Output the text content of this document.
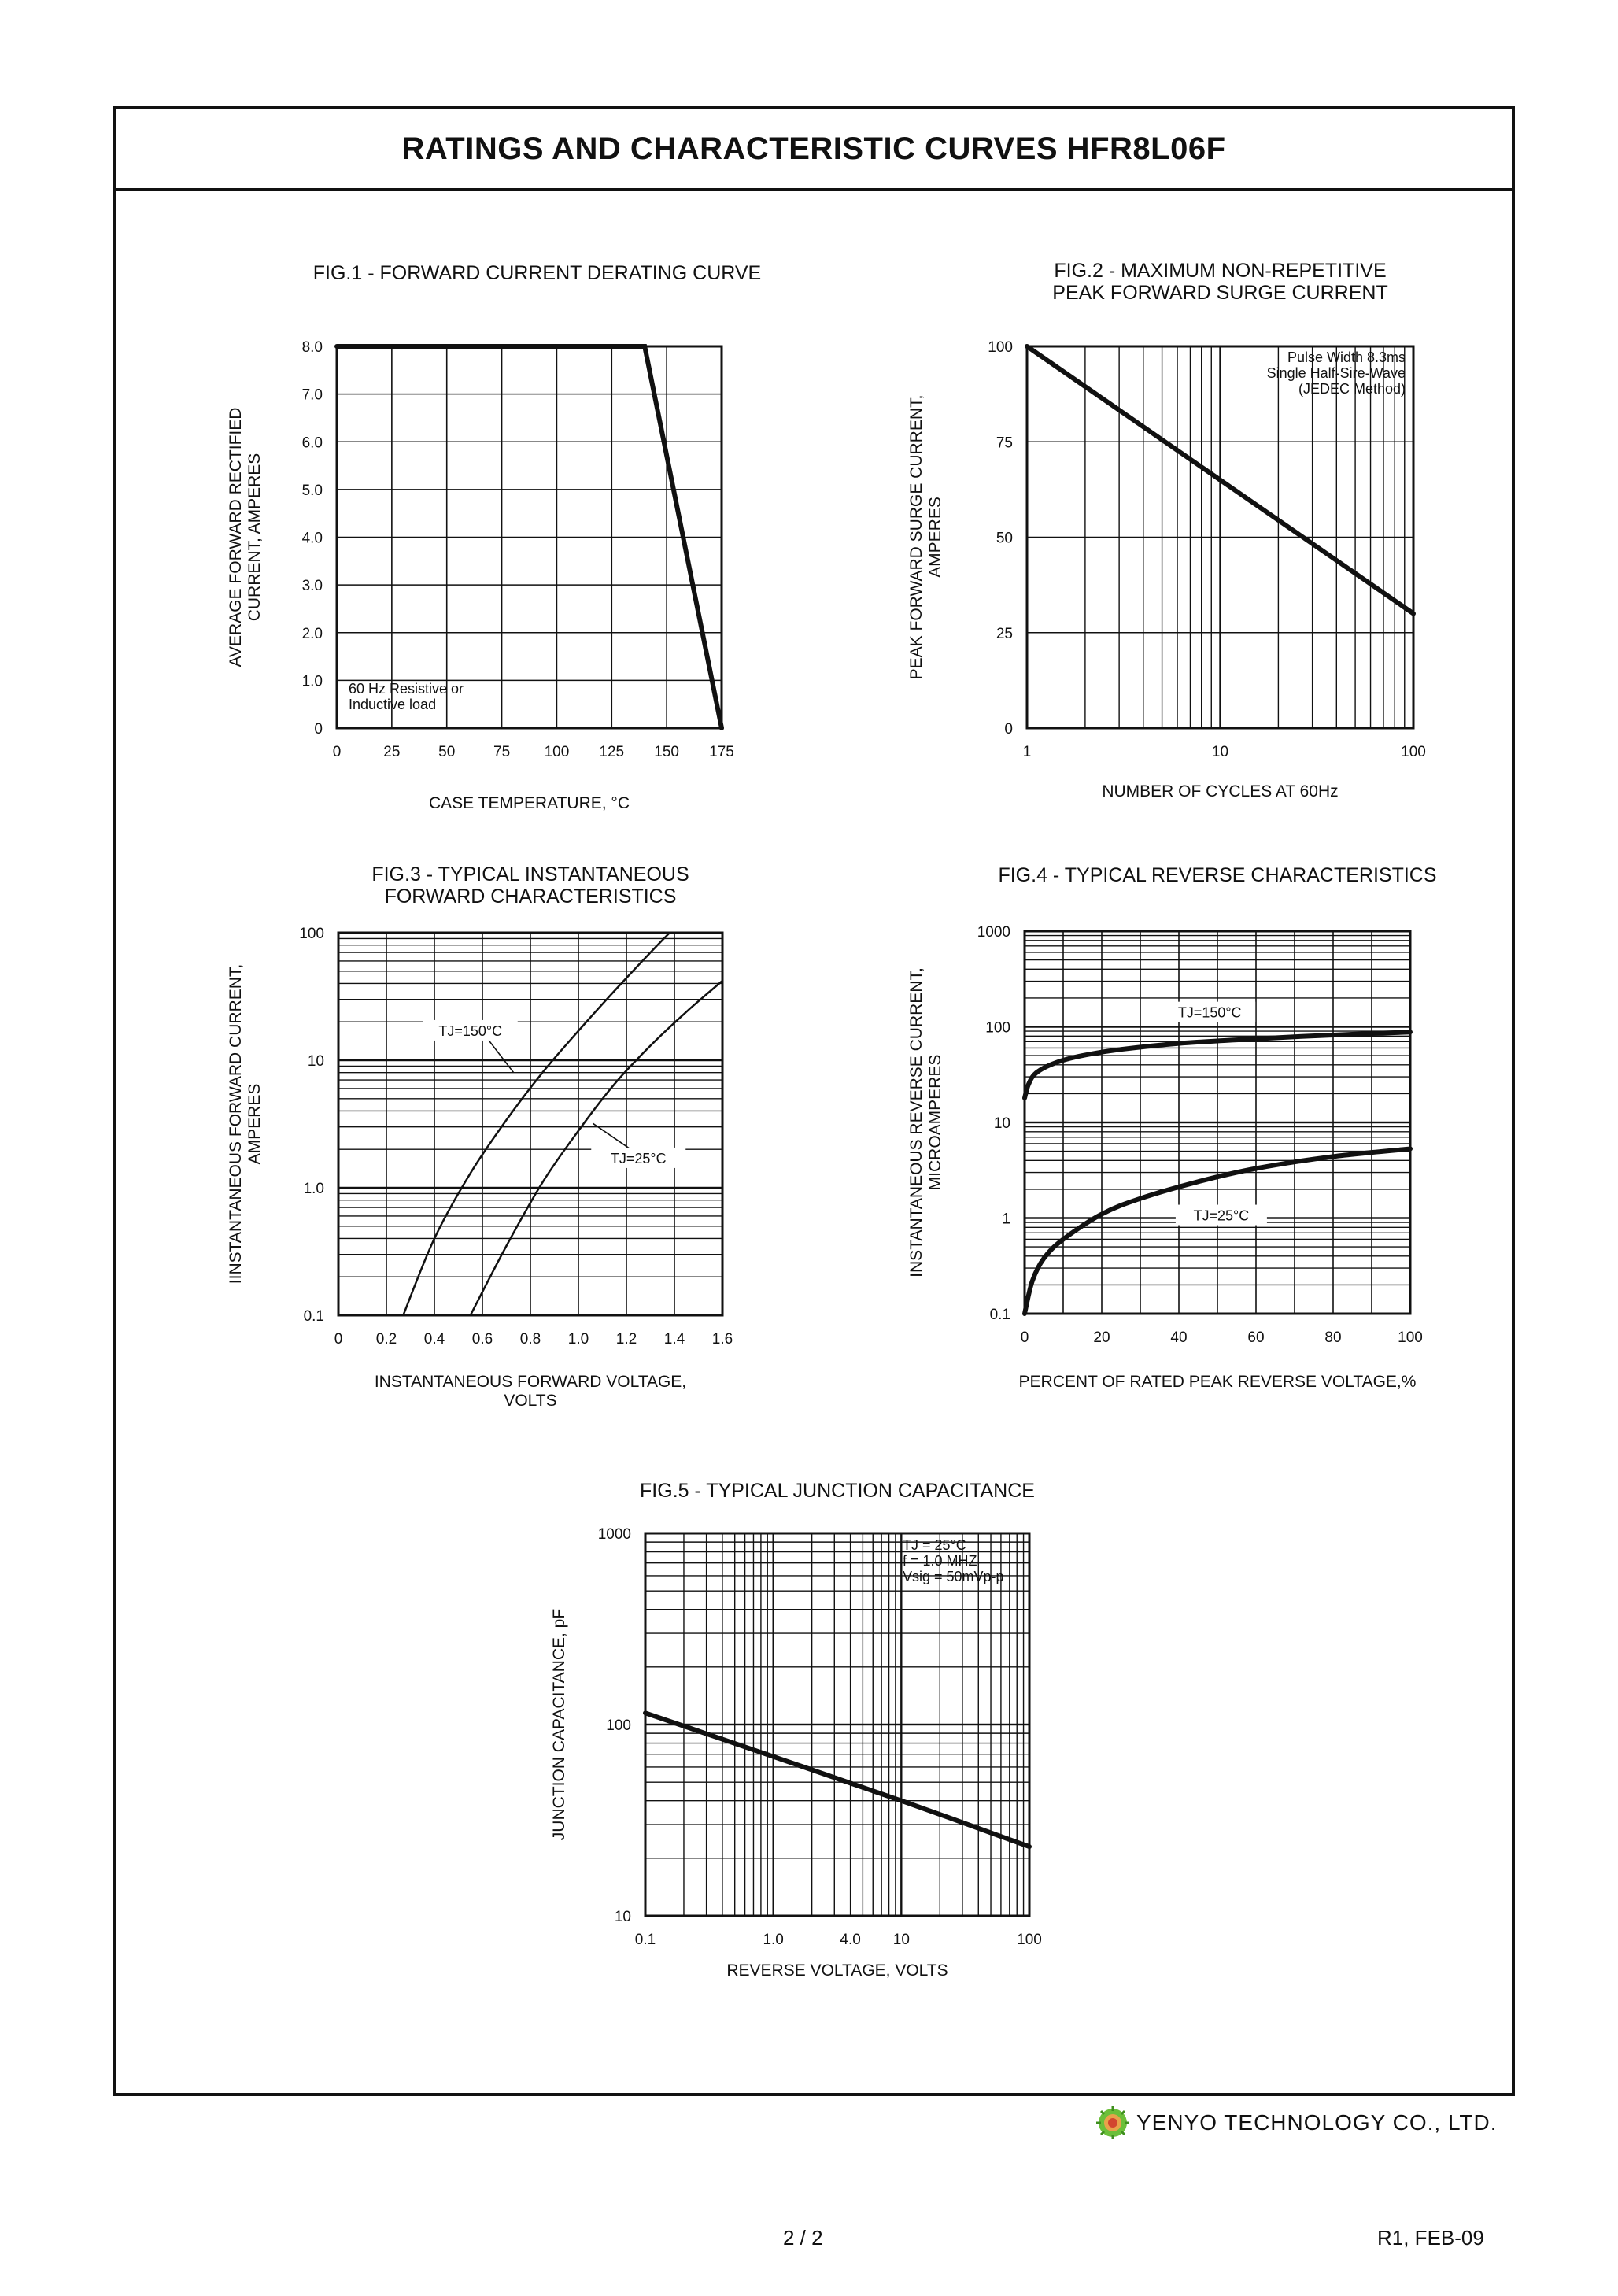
RATINGS AND CHARACTERISTIC CURVES HFR8L06F
0	25	50	75 100 125 150 175
0
1.0
2.0
3.0
4.0
5.0
6.0
7.0
8.0
FIG.1 - FORWARD CURRENT DERATING CURVE
CASE TEMPERATURE, °C
AVERAGE FORWARD RECTIFIED CURRENT, AMPERES
60 Hz Resistive or
Inductive load
1	10	100
0
25
50
75
100
FIG.2 - MAXIMUM NON-REPETITIVE
PEAK FORWARD SURGE CURRENT
NUMBER OF CYCLES AT 60Hz
PEAK FORWARD SURGE CURRENT, AMPERES
Pulse Width 8.3ms
Single Half-Sire-Wave
(JEDEC Method)
0 0.2 0.4 0.6 0.8 1.0 1.2 1.4 1.6
0.1
1.0
10
100
FIG.3 - TYPICAL INSTANTANEOUS
FORWARD CHARACTERISTICS
INSTANTANEOUS FORWARD VOLTAGE,
VOLTS
IINSTANTANEOUS FORWARD CURRENT, AMPERES
TJ=150°C
TJ=25°C
0	20	40	60	80	100
0.1
1
10
100
1000
FIG.4 - TYPICAL REVERSE CHARACTERISTICS
PERCENT OF RATED PEAK REVERSE VOLTAGE,%
INSTANTANEOUS REVERSE CURRENT, MICROAMPERES
TJ=150°C
TJ=25°C
0.1	1.0	4.0 10	100
10
100
1000
FIG.5 - TYPICAL JUNCTION CAPACITANCE
REVERSE VOLTAGE, VOLTS
JUNCTION CAPACITANCE, pF
TJ = 25°C
f = 1.0 MHZ
Vsig = 50mVp-p
YENYO TECHNOLOGY CO., LTD.
2 / 2	R1, FEB-09
